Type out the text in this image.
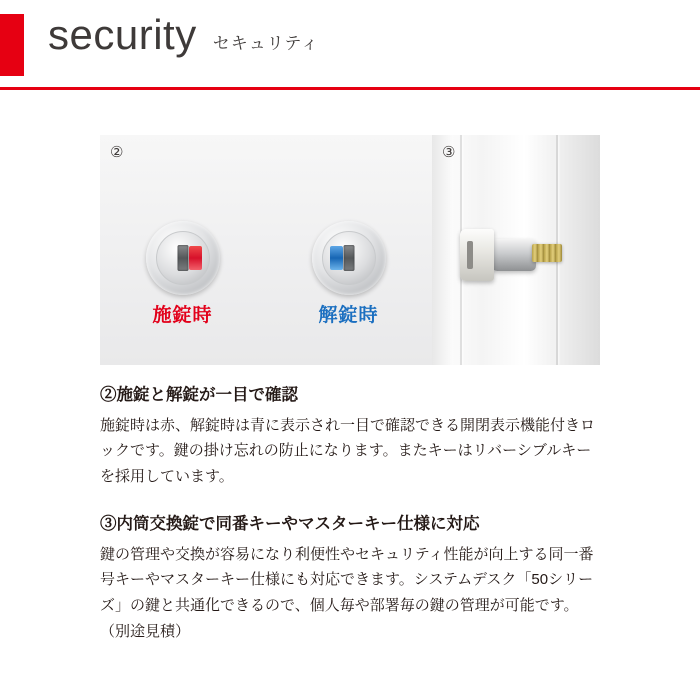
security セキュリティ
②
施錠時	解錠時
③
②施錠と解錠が一目で確認

施錠時は赤、解錠時は青に表示され一目で確認できる開閉表示機能付きロックです。鍵の掛け忘れの防止になります。またキーはリバーシブルキーを採用しています。

③内筒交換錠で同番キーやマスターキー仕様に対応

鍵の管理や交換が容易になり利便性やセキュリティ性能が向上する同一番号キーやマスターキー仕様にも対応できます。システムデスク「50シリーズ」の鍵と共通化できるので、個人毎や部署毎の鍵の管理が可能です。（別途見積）
